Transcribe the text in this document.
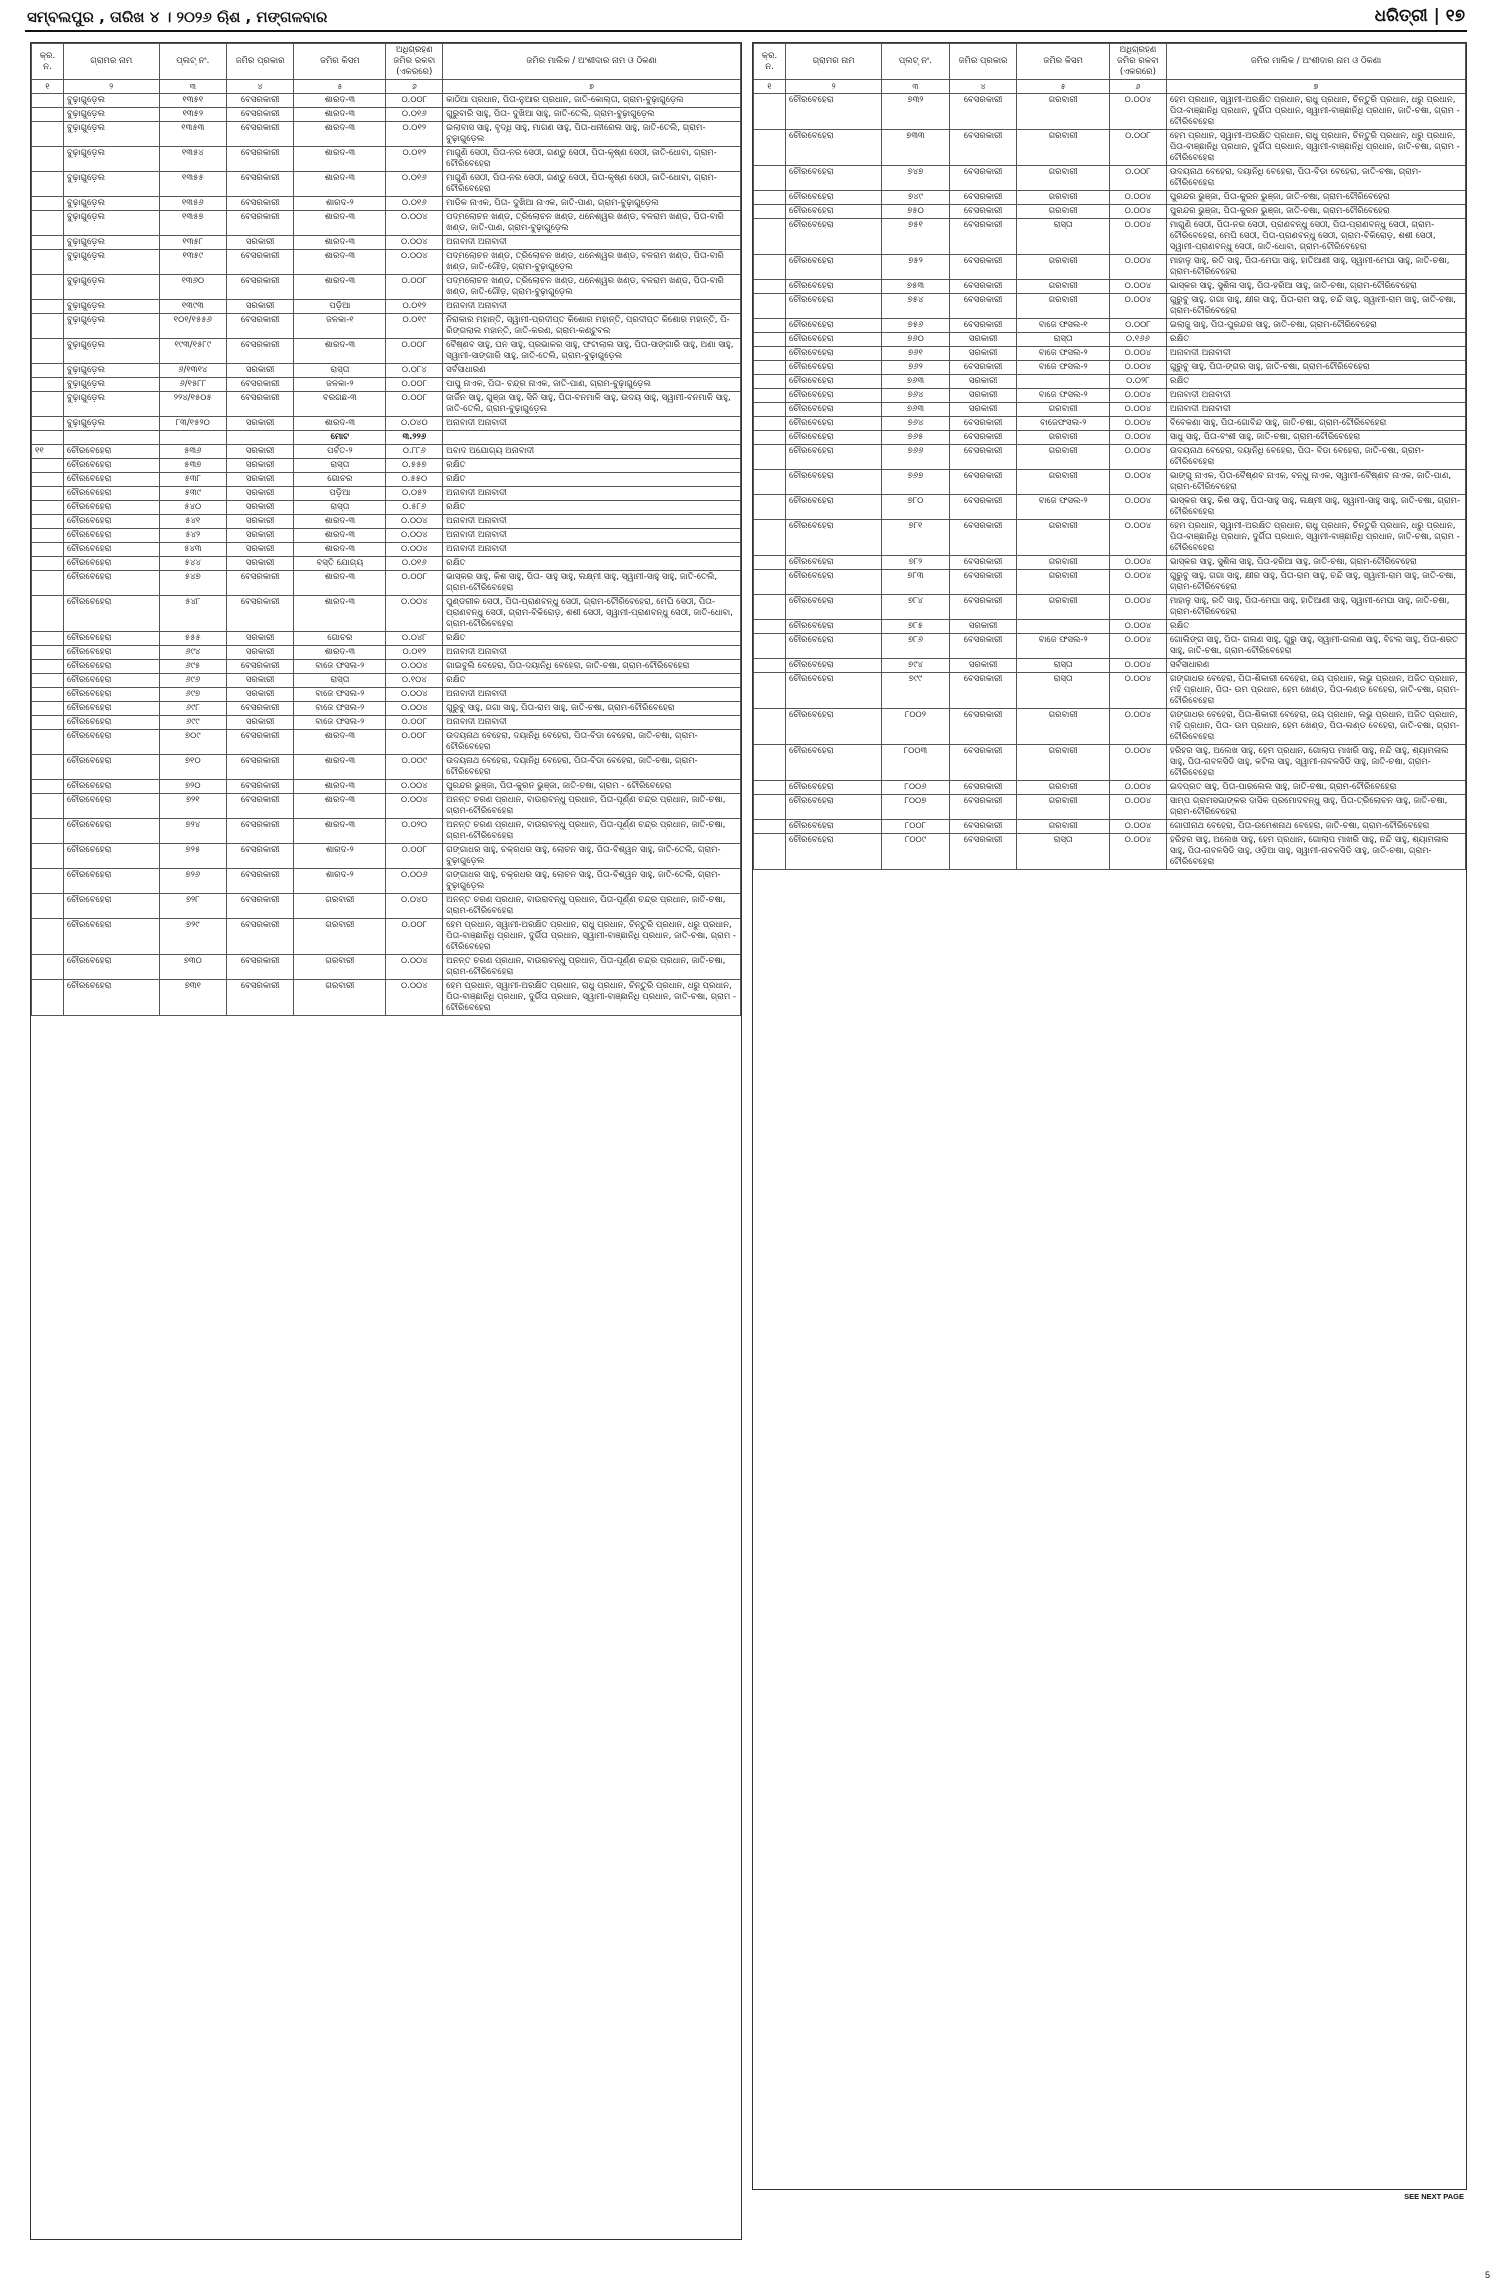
ସମ୍ବଲପୁର , ତାରିଖ ୪ । ୨୦୨୬ ଋିଶ , ମଙ୍ଗଳବାର	ଧରିତ୍ରୀ | ୧୭
କ୍ର. ନ.	ଗ୍ରାମର ନାମ	ପ୍ଲଟ୍ ନଂ.	ଜମିର ପ୍ରକାର	ଜମିର କିସମ	ଅଧିଗ୍ରହଣ ଜମିର ରକବା (ଏକରରେ)	ଜମିର ମାଲିକ / ଅଂଶୀଦାର ନାମ ଓ ଠିକଣା
୧	୨	୩	୪	୫	୬	୭
	ବୁଢ଼ାଗୁଡ଼େଲ	୧୩୫୧	ବେସରକାରୀ	ଶାରଦ-୩	୦.୦୦୮	କାଠିଆ ପ୍ରଧାନ, ପିତା-ନୁଆର ପ୍ରଧାନ, ଜାତି-କୋଲ୍ତା, ଗ୍ରାମ-ବୁଢ଼ାଗୁଡ଼େଲ
	ବୁଢ଼ାଗୁଡ଼େଲ	୧୩୫୨	ବେସରକାରୀ	ଶାରଦ-୩	୦.୦୧୬	ଗୁରୁବାରି ସାହୁ, ପିତା- ଦୁଖିଆ ସାହୁ, ଜାତି-ତେଲି, ଗ୍ରାମ-ବୁଢ଼ାଗୁଡ଼େଲ
	ବୁଢ଼ାଗୁଡ଼େଲ	୧୩୫୩	ବେସରକାରୀ	ଶାରଦ-୩	୦.୦୧୨	ଇଲାବାସ ସାହୁ, ବୃଦ୍ଧି ସାହୁ, ମାଗଣ ସାହୁ, ପିତା-ଧନୀରେଲ ସାହୁ, ଜାତି-ତେଲି, ଗ୍ରାମ-ବୁଢ଼ାଗୁଡ଼େଲ
	ବୁଢ଼ାଗୁଡ଼େଲ	୧୩୫୪	ବେସରକାରୀ	ଶାରଦ-୩	୦.୦୧୨	ମାଗୁଣି ସେଠୀ, ପିତା-ନର ସେଠୀ, ଗଣ୍ଡୁ ସେଠୀ, ପିତା-କୃଷ୍ଣ ସେଠୀ, ଜାତି-ଧୋବା, ଗ୍ରାମ-ଟୌରିବେହେରା
	ବୁଢ଼ାଗୁଡ଼େଲ	୧୩୫୫	ବେସରକାରୀ	ଶାରଦ-୩	୦.୦୧୬	ମାଗୁଣି ସେଠୀ, ପିତା-ନର ସେଠୀ, ଗଣ୍ଡୁ ସେଠୀ, ପିତା-କୃଷ୍ଣ ସେଠୀ, ଜାତି-ଧୋବା, ଗ୍ରାମ-ଟୌରିବେହେରା
	ବୁଢ଼ାଗୁଡ଼େଲ	୧୩୫୬	ବେସରକାରୀ	ଶାରଦ-୨	୦.୦୧୬	ମାଡିକ ନାଏକ, ପିତା- ଦୁଖିଆ ନାଏକ, ଜାତି-ପାଣ, ଗ୍ରାମ-ବୁଢ଼ାଗୁଡ଼େଲ
	ବୁଢ଼ାଗୁଡ଼େଲ	୧୩୫୭	ବେସରକାରୀ	ଶାରଦ-୩	୦.୦୦୪	ପଦ୍ମଲୋଚନ ଖଣ୍ଡ, ତ୍ରିଲୋଚନ ଖଣ୍ଡ, ଧନେଶ୍ୱର ଖଣ୍ଡ, ବଳରାମ ଖଣ୍ଡ, ପିତା-ବାରି ଖଣ୍ଡ, ଜାତି-ପାଣ, ଗ୍ରାମ-ବୁଢ଼ାଗୁଡ଼େଲ
	ବୁଢ଼ାଗୁଡ଼େଲ	୧୩୫୮	ସରକାରୀ	ଶାରଦ-୩	୦.୦୦୪	ଅନାବାଦୀ ଅନାବାଦୀ
	ବୁଢ଼ାଗୁଡ଼େଲ	୧୩୫୯	ବେସରକାରୀ	ଶାରଦ-୩	୦.୦୦୪	ପଦ୍ମଲୋଚନ ଖଣ୍ଡ, ତ୍ରିଲୋଚନ ଖଣ୍ଡ, ଧନେଶ୍ୱର ଖଣ୍ଡ, ବଳରାମ ଖଣ୍ଡ, ପିତା-ବାରି ଖଣ୍ଡ, ଜାତି-ଗୌଡ଼, ଗ୍ରାମ-ବୁଢ଼ାଗୁଡ଼େଲ
	ବୁଢ଼ାଗୁଡ଼େଲ	୧୩୬୦	ବେସରକାରୀ	ଶାରଦ-୩	୦.୦୦୮	ପଦ୍ମଲୋଚନ ଖଣ୍ଡ, ତ୍ରିଲୋଚନ ଖଣ୍ଡ, ଧନେଶ୍ୱର ଖଣ୍ଡ, ବଳରାମ ଖଣ୍ଡ, ପିତା-ବାରି ଖଣ୍ଡ, ଜାତି-ଗୌଡ଼, ଗ୍ରାମ-ବୁଢ଼ାଗୁଡ଼େଲ
	ବୁଢ଼ାଗୁଡ଼େଲ	୧୩୯୩	ସରକାରୀ	ପଡ଼ିଆ	୦.୦୧୨	ଅନାବାଦୀ ଅନାବାଦୀ
	ବୁଢ଼ାଗୁଡ଼େଲ	୧୦୧/୧୫୫୬	ବେସରକାରୀ	ଜଳକା-୧	୦.୦୧୯	ନିରାକାର ମହାନ୍ତି, ସ୍ୱାମୀ-ପ୍ରଦୀପ୍ତ କିଶୋର ମହାନ୍ତି, ପ୍ରଦୀପ୍ତ କିଶୋର ମହାନ୍ତି, ପି-ରିଙ୍ଗଲାଲ ମହାନ୍ତି, ଜାତି-କରଣ, ଗ୍ରାମ-କଣ୍ଟୁବଲ
	ବୁଢ଼ାଗୁଡ଼େଲ	୧୯୩/୧୫୮୯	ବେସରକାରୀ	ଶାରଦ-୩	୦.୦୦୮	ବୈଷ୍ଣବ ସାହୁ, ଘନ ସାହୁ, ପ୍ରଭାକର ସାହୁ, ଫଟାଲାଲ ସାହୁ, ପିତା-ସାଙ୍ଗାରି ସାହୁ, ଅଣା ସାହୁ, ସ୍ୱାମୀ-ସାଙ୍ଗାରି ସାହୁ, ଜାତି-ତେଲି, ଗ୍ରାମ-ବୁଢ଼ାଗୁଡ଼େଲ
	ବୁଢ଼ାଗୁଡ଼େଲ	୬/୧୩୧୪	ସରକାରୀ	ରାସ୍ତା	୦.୦୮୪	ସର୍ବସାଧାରଣ
	ବୁଢ଼ାଗୁଡ଼େଲ	୬/୧୫୮୮	ବେସରକାରୀ	ଜଳକା-୨	୦.୦୦୮	ପାପୁ ନାଏକ, ପିତା- ଚନ୍ଦ୍ର ନାଏକ, ଜାତି-ପାଣ, ଗ୍ରାମ-ବୁଢ଼ାଗୁଡ଼େଲ
	ବୁଢ଼ାଗୁଡ଼େଲ	୨୨୪/୧୫୦୫	ବେସରକାରୀ	ବରଗଛ-୩	୦.୦୦୮	ଜାର୍ଜିନ ସାହୁ, ଗୁଞ୍ଜା ସାହୁ, ସିନି ସାହୁ, ପିତା-ବନମାଳି ସାହୁ, ଉଦୟ ସାହୁ, ସ୍ୱାମୀ-ବନମାଳି ସାହୁ, ଜାତି-ତେଲି, ଗ୍ରାମ-ବୁଢ଼ାଗୁଡ଼େଲ
	ବୁଢ଼ାଗୁଡ଼େଲ	୮୩/୧୫୨୦	ସରକାରୀ	ଶାରଦ-୩	୦.୦୪୦	ଅନାବାଦୀ ଅନାବାଦୀ
				ମୋଟ	୩.୨୨୬	
୧୧	ଚୌରବେହେରା	୫୩୬	ସରକାରୀ	ପର୍ବତ-୨	୦.୮୮୬	ଅବାଦ ଅଯୋଗ୍ୟ ଅନାବାଦୀ
	ଚୌରବେହେରା	୫୩୭	ସରକାରୀ	ରାସ୍ତା	୦.୫୫୭	ରକ୍ଷିତ
	ଚୌରବେହେରା	୫୩୮	ସରକାରୀ	ଗୋଚର	୦.୫୫୦	ରକ୍ଷିତ
	ଚୌରବେହେରା	୫୩୯	ସରକାରୀ	ପଡ଼ିଆ	୦.୦୫୨	ଅନାବାଦୀ ଅନାବାଦୀ
	ଚୌରବେହେରା	୫୪୦	ସରକାରୀ	ରାସ୍ତା	୦.୫୮୬	ରକ୍ଷିତ
	ଚୌରବେହେରା	୫୪୧	ସରକାରୀ	ଶାରଦ-୩	୦.୦୦୪	ଅନାବାଦୀ ଅନାବାଦୀ
	ଚୌରବେହେରା	୫୪୨	ସରକାରୀ	ଶାରଦ-୩	୦.୦୦୪	ଅନାବାଦୀ ଅନାବାଦୀ
	ଚୌରବେହେରା	୫୪୩	ସରକାରୀ	ଶାରଦ-୩	୦.୦୦୪	ଅନାବାଦୀ ଅନାବାଦୀ
	ଚୌରବେହେରା	୫୪୪	ସରକାରୀ	ବସ୍ତି ଯୋଗ୍ୟ	୦.୦୧୬	ରକ୍ଷିତ
	ଚୌରବେହେରା	୫୪୭	ବେସରକାରୀ	ଶାରଦ-୩	୦.୦୦୮	ଭାସ୍କର ସାହୁ, କିଶ ସାହୁ, ପିତା- ସାହୁ ସାହୁ, ଲକ୍ଷ୍ମୀ ସାହୁ, ସ୍ୱାମୀ-ସାହୁ ସାହୁ, ଜାତି-ତେଲି, ଗ୍ରାମ-ଟୌରିବେହେରା
	ଚୌରବେହେରା	୫୪୮	ବେସରକାରୀ	ଶାରଦ-୩	୦.୦୦୪	ପୁଣ୍ଡରୀକ ସେଠୀ, ପିତା-ପ୍ରାଣବନ୍ଧୁ ସେଠୀ, ଗ୍ରାମ-ଟୌରିବେହେରା, ମେଘି ସେଠୀ, ପିତା-ପ୍ରାଣବନ୍ଧୁ ସେଠୀ, ଗ୍ରାମ-ବିକିରୋଡ଼, ଶଶୀ ସେଠୀ, ସ୍ୱାମୀ-ପ୍ରାଣବନ୍ଧୁ ସେଠୀ, ଜାତି-ଧୋବା, ଗ୍ରାମ-ଟୌରିବେହେରା
	ଚୌରବେହେରା	୫୫୫	ସରକାରୀ	ଗୋଚର	୦.୦୪୮	ରକ୍ଷିତ
	ଚୌରବେହେରା	୬୯୪	ସରକାରୀ	ଶାରଦ-୩	୦.୦୧୨	ଅନାବାଦୀ ଅନାବାଦୀ
	ଚୌରବେହେରା	୬୯୫	ବେସରକାରୀ	ବାଜେ ଫସଲ-୨	୦.୦୦୪	ଗାଇବୁଲି ବେହେରା, ପିତା-ଦୟାନିଧି ବେହେରା, ଜାତି-ଚଷା, ଗ୍ରାମ-ଟୌରିବେହେରା
	ଚୌରବେହେରା	୬୯୬	ସରକାରୀ	ରାସ୍ତା	୦.୧୦୪	ରକ୍ଷିତ
	ଚୌରବେହେରା	୬୯୭	ସରକାରୀ	ବାଜେ ଫସଲ-୨	୦.୦୦୪	ଅନାବାଦୀ ଅନାବାଦୀ
	ଚୌରବେହେରା	୬୯୮	ବେସରକାରୀ	ବାଜେ ଫସଲ-୨	୦.୦୦୪	ଗୁରୁବୁ ସାହୁ, ଗଗା ସାହୁ, ପିତା-ରାମ ସାହୁ, ଜାତି-ଚଷା, ଗ୍ରାମ-ଟୌରିବେହେରା
	ଚୌରବେହେରା	୬୯୯	ସରକାରୀ	ବାଜେ ଫସଲ-୨	୦.୦୦୮	ଅନାବାଦୀ ଅନାବାଦୀ
	ଚୌରବେହେରା	୭୦୯	ବେସରକାରୀ	ଶାରଦ-୩	୦.୦୦୮	ଉଦୟନାଥ ବେହେରା, ଦୟାନିଧି ବେହେରା, ପିତା-ବିଡା ବେହେରା, ଜାତି-ଚଷା, ଗ୍ରାମ-ଟୌରିବେହେରା
	ଚୌରବେହେରା	୭୧୦	ବେସରକାରୀ	ଶାରଦ-୩	୦.୦୦୯	ଉଦୟନାଥ ବେହେରା, ଦୟାନିଧି ବେହେରା, ପିତା-ବିଡା ବେହେରା, ଜାତି-ଚଷା, ଗ୍ରାମ-ଟୌରିବେହେରା
	ଚୌରବେହେରା	୭୨୦	ବେସରକାରୀ	ଶାରଦ-୩	୦.୦୦୪	ପୁରନ୍ଦର ଭୁଞ୍ଜା, ପିତା-କୁରନ ଭୁଞ୍ଜା, ଜାତି-ଚଷା, ଗ୍ରାମ - ଟୌରିବେହେରା
	ଚୌରବେହେରା	୭୨୧	ବେସରକାରୀ	ଶାରଦ-୩	୦.୦୦୪	ଅନନ୍ତ ଚରଣ ପ୍ରଧାନ, ବାଉରାବନ୍ଧୁ ପ୍ରଧାନ, ପିତା-ପୂର୍ଣ୍ଣ ଚନ୍ଦ୍ର ପ୍ରଧାନ, ଜାତି-ଚଷା, ଗ୍ରାମ-ଟୌରିବେହେରା
	ଚୌରବେହେରା	୭୨୪	ବେସରକାରୀ	ଶାରଦ-୩	୦.୦୨୦	ଅନନ୍ତ ଚରଣ ପ୍ରଧାନ, ବାଉରାବନ୍ଧୁ ପ୍ରଧାନ, ପିତା-ପୂର୍ଣ୍ଣ ଚନ୍ଦ୍ର ପ୍ରଧାନ, ଜାତି-ଚଷା, ଗ୍ରାମ-ଟୌରିବେହେରା
	ଚୌରବେହେରା	୭୨୫	ବେସରକାରୀ	ଶାରଦ-୨	୦.୦୦୮	ଗଙ୍ଗାଧର ସାହୁ, ଚକ୍ରଧର ସାହୁ, ଲୋଚନ ସାହୁ, ପିତା-ବିଶ୍ୱନ ସାହୁ, ଜାତି-ତେଲି, ଗ୍ରାମ-ବୁଢ଼ାଗୁଡ଼େଲ
	ଚୌରବେହେରା	୭୨୬	ବେସରକାରୀ	ଶାରଦ-୨	୦.୦୦୬	ଗଙ୍ଗାଧର ସାହୁ, ଚକ୍ରଧର ସାହୁ, ଲୋଚନ ସାହୁ, ପିତା-ବିଶ୍ୱନ ସାହୁ, ଜାତି-ତେଲି, ଗ୍ରାମ-ବୁଢ଼ାଗୁଡ଼େଲ
	ଚୌରବେହେରା	୭୨୮	ବେସରକାରୀ	ଗରବାରୀ	୦.୦୪୦	ଅନନ୍ତ ଚରଣ ପ୍ରଧାନ, ବାଉରାବନ୍ଧୁ ପ୍ରଧାନ, ପିତା-ପୂର୍ଣ୍ଣ ଚନ୍ଦ୍ର ପ୍ରଧାନ, ଜାତି-ଚଷା, ଗ୍ରାମ-ଟୌରିବେହେରା
	ଚୌରବେହେରା	୭୨୯	ବେସରକାରୀ	ଗରବାରୀ	୦.୦୦୮	ହେମ ପ୍ରଧାନ, ସ୍ୱାମୀ-ଅରକ୍ଷିତ ପ୍ରଧାନ, ରାଧୁ ପ୍ରଧାନ, ଚିନ୍ତୁରି ପ୍ରଧାନ, ଧରୁ ପ୍ରଧାନ, ପିତା-ବାଞ୍ଛାନିଧି ପ୍ରଧାନ, ଦୁର୍ଗିତା ପ୍ରଧାନ, ସ୍ୱାମୀ-ବାଞ୍ଛାନିଧି ପ୍ରଧାନ, ଜାତି-ଚଷା, ଗ୍ରାମ - ଟୌରିବେହେରା
	ଚୌରବେହେରା	୭୩୦	ବେସରକାରୀ	ଗରବାରୀ	୦.୦୦୪	ଅନନ୍ତ ଚରଣ ପ୍ରଧାନ, ବାଉରାବନ୍ଧୁ ପ୍ରଧାନ, ପିତା-ପୂର୍ଣ୍ଣ ଚନ୍ଦ୍ର ପ୍ରଧାନ, ଜାତି-ଚଷା, ଗ୍ରାମ-ଟୌରିବେହେରା
	ଚୌରବେହେରା	୭୩୧	ବେସରକାରୀ	ଗରବାରୀ	୦.୦୦୪	ହେମ ପ୍ରଧାନ, ସ୍ୱାମୀ-ଅରକ୍ଷିତ ପ୍ରଧାନ, ରାଧୁ ପ୍ରଧାନ, ଚିନ୍ତୁରି ପ୍ରଧାନ, ଧରୁ ପ୍ରଧାନ, ପିତା-ବାଞ୍ଛାନିଧି ପ୍ରଧାନ, ଦୁର୍ଗିତା ପ୍ରଧାନ, ସ୍ୱାମୀ-ବାଞ୍ଛାନିଧି ପ୍ରଧାନ, ଜାତି-ଚଷା, ଗ୍ରାମ - ଟୌରିବେହେରା
କ୍ର. ନ.	ଗ୍ରାମର ନାମ	ପ୍ଲଟ୍ ନଂ.	ଜମିର ପ୍ରକାର	ଜମିର କିସମ	ଅଧିଗ୍ରହଣ ଜମିର ରକବା (ଏକରରେ)	ଜମିର ମାଲିକ / ଅଂଶୀଦାର ନାମ ଓ ଠିକଣା
୧	୨	୩	୪	୫	୬	୭
	ଚୌରବେହେରା	୭୩୨	ବେସରକାରୀ	ଗରବାରୀ	୦.୦୦୪	ହେମ ପ୍ରଧାନ, ସ୍ୱାମୀ-ଅରକ୍ଷିତ ପ୍ରଧାନ, ରାଧୁ ପ୍ରଧାନ, ଚିନ୍ତୁରି ପ୍ରଧାନ, ଧରୁ ପ୍ରଧାନ, ପିତା-ବାଞ୍ଛାନିଧି ପ୍ରଧାନ, ଦୁର୍ଗିତା ପ୍ରଧାନ, ସ୍ୱାମୀ-ବାଞ୍ଛାନିଧି ପ୍ରଧାନ, ଜାତି-ଚଷା, ଗ୍ରାମ - ଟୌରିବେହେରା
	ଚୌରବେହେରା	୭୩୩	ବେସରକାରୀ	ଗରବାରୀ	୦.୦୦୮	ହେମ ପ୍ରଧାନ, ସ୍ୱାମୀ-ଅରକ୍ଷିତ ପ୍ରଧାନ, ରାଧୁ ପ୍ରଧାନ, ଚିନ୍ତୁରି ପ୍ରଧାନ, ଧରୁ ପ୍ରଧାନ, ପିତା-ବାଞ୍ଛାନିଧି ପ୍ରଧାନ, ଦୁର୍ଗିତା ପ୍ରଧାନ, ସ୍ୱାମୀ-ବାଞ୍ଛାନିଧି ପ୍ରଧାନ, ଜାତି-ଚଷା, ଗ୍ରାମ - ଟୌରିବେହେରା
	ଚୌରବେହେରା	୭୪୭	ବେସରକାରୀ	ଗରବାରୀ	୦.୦୦୮	ଉଦୟନାଥ ବେହେରା, ଦୟାନିଧି ବେହେରା, ପିତା-ବିଡା ବେହେରା, ଜାତି-ଚଷା, ଗ୍ରାମ-ଟୌରିବେହେରା
	ଚୌରବେହେରା	୭୪୯	ବେସରକାରୀ	ଗରବାରୀ	୦.୦୦୪	ପୁରନ୍ଦର ଭୁଞ୍ଜା, ପିତା-କୁରନ ଭୁଞ୍ଜା, ଜାତି-ଚଷା, ଗ୍ରାମ-ଟୌରିବେହେରା
	ଚୌରବେହେରା	୭୫୦	ବେସରକାରୀ	ଗରବାରୀ	୦.୦୦୪	ପୁରନ୍ଦର ଭୁଞ୍ଜା, ପିତା-କୁରନ ଭୁଞ୍ଜା, ଜାତି-ଚଷା, ଗ୍ରାମ-ଟୌରିବେହେରା
	ଚୌରବେହେରା	୭୫୧	ବେସରକାରୀ	ରାସ୍ତା	୦.୦୦୪	ମାଗୁଣି ସେଠୀ, ପିତା-ନର ସେଠୀ, ପ୍ରାଣବନ୍ଧୁ ସେଠୀ, ପିତା-ପ୍ରାଣବନ୍ଧୁ ସେଠୀ, ଗ୍ରାମ-ଟୌରିବେହେରା, ମେଘି ସେଠୀ, ପିତା-ପ୍ରାଣବନ୍ଧୁ ସେଠୀ, ଗ୍ରାମ-ବିକିରୋଡ଼, ଶଶୀ ସେଠୀ, ସ୍ୱାମୀ-ପ୍ରାଣବନ୍ଧୁ ସେଠୀ, ଜାତି-ଧୋବା, ଗ୍ରାମ-ଟୌରିବେହେରା
	ଚୌରବେହେରା	୭୫୨	ବେସରକାରୀ	ଗରବାରୀ	୦.୦୦୪	ମାହାଳୁ ସାହୁ, ରତି ସାହୁ, ପିତା-ମେଘା ସାହୁ, ହାତିଆଣୀ ସାହୁ, ସ୍ୱାମୀ-ମେଘା ସାହୁ, ଜାତି-ଚଷା, ଗ୍ରାମ-ଟୌରିବେହେରା
	ଚୌରବେହେରା	୭୫୩	ବେସରକାରୀ	ଗରବାରୀ	୦.୦୦୪	ଭାସ୍କର ସାହୁ, ସୁଶିଳା ସାହୁ, ପିତା-ହରିଆ ସାହୁ, ଜାତି-ଚଷା, ଗ୍ରାମ-ଟୌରିବେହେରା
	ଚୌରବେହେରା	୭୫୪	ବେସରକାରୀ	ଗରବାରୀ	୦.୦୦୪	ଗୁରୁବୁ ସାହୁ, ଗଗା ସାହୁ, କ୍ଷୀର ସାହୁ, ପିତା-ରାମ ସାହୁ, ଚନ୍ଦି ସାହୁ, ସ୍ୱାମୀ-ରାମ ସାହୁ, ଜାତି-ଚଷା, ଗ୍ରାମ-ଟୌରିବେହେରା
	ଚୌରବେହେରା	୭୫୬	ବେସରକାରୀ	ବାଜେ ଫସଲ-୧	୦.୦୦୮	ଇଲାଜୁ ସାହୁ, ପିତା-ପୁରନ୍ଦର ସାହୁ, ଜାତି-ଚଷା, ଗ୍ରାମ-ଟୌରିବେହେରା
	ଚୌରବେହେରା	୭୬୦	ସରକାରୀ	ରାସ୍ତା	୦.୧୬୬	ରକ୍ଷିତ
	ଚୌରବେହେରା	୭୬୧	ସରକାରୀ	ବାଜେ ଫସଲ-୨	୦.୦୦୪	ଅନାବାଦୀ ଅନାବାଦୀ
	ଚୌରବେହେରା	୭୬୨	ବେସରକାରୀ	ବାଜେ ଫସଲ-୨	୦.୦୦୪	ଗୁରୁବୁ ସାହୁ, ପିତା-ଙ୍ଗର ସାହୁ, ଜାତି-ଚଷା, ଗ୍ରାମ-ଟୌରିବେହେରା
	ଚୌରବେହେରା	୭୬୩	ସରକାରୀ		୦.୦୨୮	ରକ୍ଷିତ
	ଚୌରବେହେରା	୭୬୪	ସରକାରୀ	ବାଜେ ଫସଲ-୨	୦.୦୦୪	ଅନାବାଦୀ ଅନାବାଦୀ
	ଚୌରବେହେରା	୭୬୩	ସରକାରୀ	ଗରବାରୀ	୦.୦୦୪	ଅନାବାଦୀ ଅନାବାଦୀ
	ଚୌରବେହେରା	୭୬୪	ବେସରକାରୀ	ବାଜେଫସଲ-୨	୦.୦୦୪	ବିବେକଣା ସାହୁ, ପିତା-ଗୋବିନ୍ଦ ସାହୁ, ଜାତି-ଚଷା, ଗ୍ରାମ-ଟୌରିବେହେରା
	ଚୌରବେହେରା	୭୬୫	ବେସରକାରୀ	ଗରବାରୀ	୦.୦୦୪	ସାଧୁ ସାହୁ, ପିତା-ବଂଶୀ ସାହୁ, ଜାତି-ଚଷା, ଗ୍ରାମ-ଟୌରିବେହେରା
	ଚୌରବେହେରା	୭୬୬	ବେସରକାରୀ	ଗରବାରୀ	୦.୦୦୪	ଉଦୟନାଥ ବେହେରା, ଦୟାନିଧି ବେହେରା, ପିତା- ବିଡା ବେହେରା, ଜାତି-ଚଷା, ଗ୍ରାମ-ଟୌରିବେହେରା
	ଚୌରବେହେରା	୭୬୭	ବେସରକାରୀ	ଗରବାରୀ	୦.୦୦୪	ଭାଙ୍ଗୁ ନାଏକ, ପିତା-ବୈଷ୍ଣବ ନାଏକ, ବନ୍ଧୁ ନାଏକ, ସ୍ୱାମୀ-ବୈଷ୍ଣବ ନାଏକ, ଜାତି-ପାଣ, ଗ୍ରାମ-ଟୌରିବେହେରା
	ଚୌରବେହେରା	୭୮୦	ବେସରକାରୀ	ବାଜେ ଫସଲ-୨	୦.୦୦୪	ଭାସ୍କର ସାହୁ, କିଶ ସାହୁ, ପିତା-ସାହୁ ସାହୁ, ଲକ୍ଷ୍ମୀ ସାହୁ, ସ୍ୱାମୀ-ସାହୁ ସାହୁ, ଜାତି-ଚଷା, ଗ୍ରାମ-ଟୌରିବେହେରା
	ଚୌରବେହେରା	୭୮୧	ବେସରକାରୀ	ଗରବାରୀ	୦.୦୦୪	ହେମ ପ୍ରଧାନ, ସ୍ୱାମୀ-ଅରକ୍ଷିତ ପ୍ରଧାନ, ରାଧୁ ପ୍ରଧାନ, ଚିନ୍ତୁରି ପ୍ରଧାନ, ଧରୁ ପ୍ରଧାନ, ପିତା-ବାଞ୍ଛାନିଧି ପ୍ରଧାନ, ଦୁର୍ଗିତା ପ୍ରଧାନ, ସ୍ୱାମୀ-ବାଞ୍ଛାନିଧି ପ୍ରଧାନ, ଜାତି-ଚଷା, ଗ୍ରାମ - ଟୌରିବେହେରା
	ଚୌରବେହେରା	୭୮୨	ବେସରକାରୀ	ଗରବାରୀ	୦.୦୦୪	ଭାସ୍କର ସାହୁ, ସୁଶିଳା ସାହୁ, ପିତା-ହରିଆ ସାହୁ, ଜାତି-ଚଷା, ଗ୍ରାମ-ଟୌରିବେହେରା
	ଚୌରବେହେରା	୭୮୩	ବେସରକାରୀ	ଗରବାରୀ	୦.୦୦୪	ଗୁରୁବୁ ସାହୁ, ଗଗା ସାହୁ, କ୍ଷୀର ସାହୁ, ପିତା-ରାମ ସାହୁ, ଚନ୍ଦି ସାହୁ, ସ୍ୱାମୀ-ରାମ ସାହୁ, ଜାତି-ଚଷା, ଗ୍ରାମ-ଟୌରିବେହେରା
	ଚୌରବେହେରା	୭୮୪	ବେସରକାରୀ	ଗରବାରୀ	୦.୦୦୪	ମାହାଳୁ ସାହୁ, ରତି ସାହୁ, ପିତା-ମେଘା ସାହୁ, ହାତିଆଣୀ ସାହୁ, ସ୍ୱାମୀ-ମେଘା ସାହୁ, ଜାତି-ଚଷା, ଗ୍ରାମ-ଟୌରିବେହେରା
	ଚୌରବେହେରା	୭୮୫	ସରକାରୀ		୦.୦୦୪	ରକ୍ଷିତ
	ଚୌରବେହେରା	୭୮୬	ବେସରକାରୀ	ବାଜେ ଫସଲ-୨	୦.୦୦୪	ଗୋଲିଙ୍ଗ ସାହୁ, ପିତା- ଗଲଣ ସାହୁ, ଗୁରୁ ସାହୁ, ସ୍ୱାମୀ-ଗଲଣ ସାହୁ, ବିଟଲ ସାହୁ, ପିତା-ଶରତ ସାହୁ, ଜାତି-ଚଷା, ଗ୍ରାମ-ଟୌରିବେହେରା
	ଚୌରବେହେରା	୭୯୪	ସରକାରୀ	ରାସ୍ତା	୦.୦୦୪	ସର୍ବସାଧାରଣ
	ଚୌରବେହେରା	୭୯୯	ବେସରକାରୀ	ରାସ୍ତା	୦.୦୦୪	ଗଙ୍ଗାଧର ବେହେରା, ପିତା-ଶିକାରୀ ବେହେରା, ଜୟ ପ୍ରଧାନ, ଲଭୁ ପ୍ରଧାନ, ଅଜିତ ପ୍ରଧାନ, ମହି ପ୍ରଧାନ, ପିତା- ଉମ ପ୍ରଧାନ, ହେମ ଖେଣ୍ଡ, ପିତା-ଲଣ୍ଡ ବେହେରା, ଜାତି-ଚଷା, ଗ୍ରାମ-ଟୌରିବେହେରା
	ଚୌରବେହେରା	୮୦୦୨	ବେସରକାରୀ	ଗରବାରୀ	୦.୦୦୪	ଗଙ୍ଗାଧର ବେହେରା, ପିତା-ଶିକାରୀ ବେହେରା, ଜୟ ପ୍ରଧାନ, ଲଭୁ ପ୍ରଧାନ, ଅଜିତ ପ୍ରଧାନ, ମହି ପ୍ରଧାନ, ପିତା- ଉମ ପ୍ରଧାନ, ହେମ ଖେଣ୍ଡ, ପିତା-ଲଣ୍ଡ ବେହେରା, ଜାତି-ଚଷା, ଗ୍ରାମ-ଟୌରିବେହେରା
	ଚୌରବେହେରା	୮୦୦୩	ବେସରକାରୀ	ଗରବାରୀ	୦.୦୦୪	ହରିହର ସାହୁ, ଅଲେଖ ସାହୁ, ହେମ ପ୍ରଧାନ, ଗୋଲାପ ମାଖରି ସାହୁ, ନନ୍ଦି ସାହୁ, ଶ୍ୟାମଳାଲ ସାହୁ, ପିତା-ନାବଳସିଡି ସାହୁ, କଟିଲ ସାହୁ, ସ୍ୱାମୀ-ନାବଳସିଡି ସାହୁ, ଜାତି-ଚଷା, ଗ୍ରାମ-ଟୌରିବେହେରା
	ଚୌରବେହେରା	୮୦୦୬	ବେସରକାରୀ	ଗରବାରୀ	୦.୦୦୪	ଇଦପ୍ରତ ସାହୁ, ପିତା-ପାରଲେଲ ସାହୁ, ଜାତି-ଚଷା, ଗ୍ରାମ-ଟୌରିବେହେରା
	ଚୌରବେହେରା	୮୦୦୭	ବେସରକାରୀ	ଗରବାରୀ	୦.୦୦୪	ସାମ୍ପ ଗ୍ରାମସଭାଙ୍କର ଦାସିକ ପ୍ରମୋଦବନ୍ଧୁ ସାହୁ, ପିତା-ତ୍ରିଲୋଚନ ସାହୁ, ଜାତି-ଚଷା, ଗ୍ରାମ-ଟୌରିବେହେରା
	ଚୌରବେହେରା	୮୦୦୮	ବେସରକାରୀ	ଗରବାରୀ	୦.୦୦୪	ଗୋପୀନାଥ ବେହେରା, ପିତା-ଉମେଶନାଥ ବେହେରା, ଜାତି-ଚଷା, ଗ୍ରାମ-ଟୌରିବେହେରା
	ଚୌରବେହେରା	୮୦୦୯	ବେସରକାରୀ	ରାସ୍ତା	୦.୦୦୪	ହରିହର ସାହୁ, ଅଲେଖ ସାହୁ, ହେମ ପ୍ରଧାନ, ଗୋଲାପ ମାଖରି ସାହୁ, ନନ୍ଦି ସାହୁ, ଶ୍ୟାମଳାଲ ସାହୁ, ପିତା-ନାବଳସିଡି ସାହୁ, ଓଡ଼ିଆ ସାହୁ, ସ୍ୱାମୀ-ନାବଳସିଡି ସାହୁ, ଜାତି-ଚଷା, ଗ୍ରାମ-ଟୌରିବେହେରା
SEE NEXT PAGE
5
